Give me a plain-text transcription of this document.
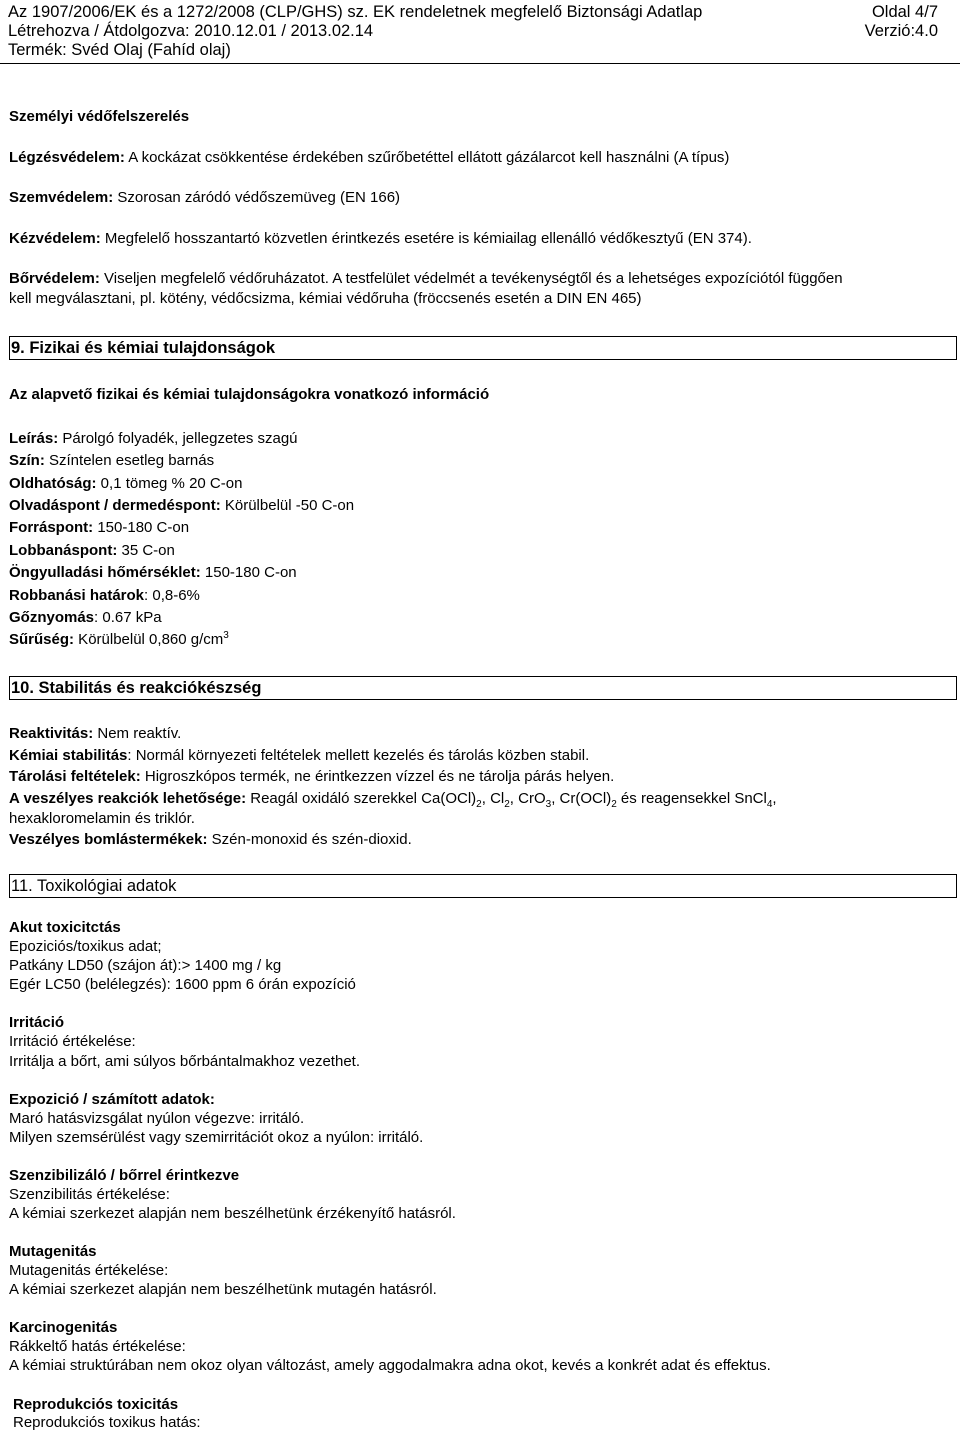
Az 1907/2006/EK és a 1272/2008 (CLP/GHS) sz. EK rendeletnek megfelelő Biztonsági Adatlap	Oldal 4/7
Létrehozva / Átdolgozva: 2010.12.01 / 2013.02.14	Verzió:4.0
Termék: Svéd Olaj (Fahíd olaj)
Személyi védőfelszerelés
Légzésvédelem: A kockázat csökkentése érdekében szűrőbetéttel ellátott gázálarcot kell használni (A típus)
Szemvédelem: Szorosan záródó védőszemüveg (EN 166)
Kézvédelem: Megfelelő hosszantartó közvetlen érintkezés esetére is kémiailag ellenálló védőkesztyű (EN 374).
Bőrvédelem: Viseljen megfelelő védőruházatot. A testfelület védelmét a tevékenységtől és a lehetséges expozíciótól függően
kell megválasztani, pl. kötény, védőcsizma, kémiai védőruha (fröccsenés esetén a DIN EN 465)
9. Fizikai és kémiai tulajdonságok
Az alapvető fizikai és kémiai tulajdonságokra vonatkozó információ
Leírás: Párolgó folyadék, jellegzetes szagú
Szín: Színtelen esetleg barnás
Oldhatóság: 0,1 tömeg % 20 C-on
Olvadáspont / dermedéspont: Körülbelül -50 C-on
Forráspont: 150-180 C-on
Lobbanáspont: 35 C-on
Öngyulladási hőmérséklet: 150-180 C-on
Robbanási határok: 0,8-6%
Gőznyomás: 0.67 kPa
Sűrűség: Körülbelül 0,860 $g/cm^3$
10. Stabilitás és reakciókészség
Reaktivitás: Nem reaktív.
Kémiai stabilitás: Normál környezeti feltételek mellett kezelés és tárolás közben stabil.
Tárolási feltételek: Higroszkópos termék, ne érintkezzen vízzel és ne tárolja párás helyen.
A veszélyes reakciók lehetősége: Reagál oxidáló szerekkel $Ca(OCl)_2$, $Cl_2$, CrO$_3$, $Cr(OCl)_2$ és reagensekkel SnCl$_4$,
hexakloromelamin és triklór.
Veszélyes bomlástermékek: Szén-monoxid és szén-dioxid.
11. Toxikológiai adatok
Akut toxicitctás
Epoziciós/toxikus adat;
Patkány LD50 (szájon át):> 1400 mg / kg
Egér LC50 (belélegzés): 1600 ppm 6 órán expozíció
Irritáció
Irritáció értékelése:
Irritálja a bőrt, ami súlyos bőrbántalmakhoz vezethet.
Expozició / számított adatok:
Maró hatásvizsgálat nyúlon végezve: irritáló.
Milyen szemsérülést vagy szemirritációt okoz a nyúlon: irritáló.
Szenzibilizáló / bőrrel érintkezve
Szenzibilitás értékelése:
A kémiai szerkezet alapján nem beszélhetünk érzékenyítő hatásról.
Mutagenitás
Mutagenitás értékelése:
A kémiai szerkezet alapján nem beszélhetünk mutagén hatásról.
Karcinogenitás
Rákkeltő hatás értékelése:
A kémiai struktúrában nem okoz olyan változást, amely aggodalmakra adna okot, kevés a konkrét adat és effektus.
Reprodukciós toxicitás
Reprodukciós toxikus hatás:
